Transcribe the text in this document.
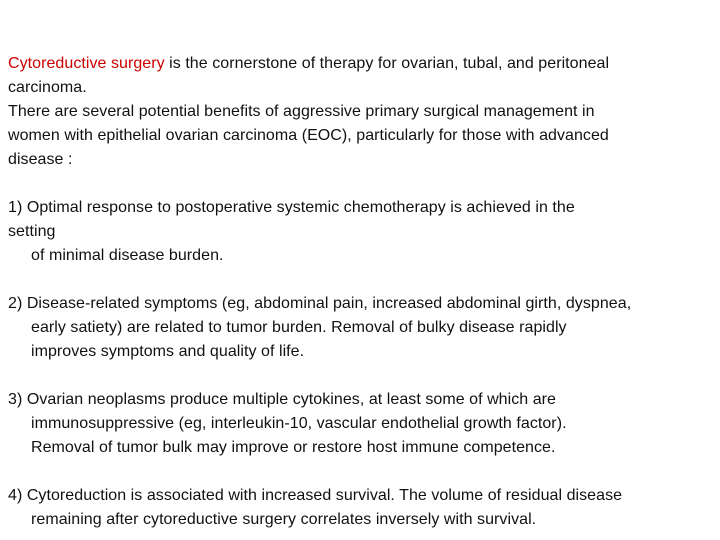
Cytoreductive surgery is the cornerstone of therapy for ovarian, tubal, and peritoneal

carcinoma.

There are several potential benefits of aggressive primary surgical management in

women with epithelial ovarian carcinoma (EOC), particularly for those with advanced

disease :

1) Optimal response to postoperative systemic chemotherapy is achieved in the
setting
of minimal disease burden.
2) Disease-related symptoms (eg, abdominal pain, increased abdominal girth, dyspnea,
early satiety) are related to tumor burden. Removal of bulky disease rapidly
improves symptoms and quality of life.
3) Ovarian neoplasms produce multiple cytokines, at least some of which are
immunosuppressive (eg, interleukin-10, vascular endothelial growth factor).
Removal of tumor bulk may improve or restore host immune competence.
4) Cytoreduction is associated with increased survival. The volume of residual disease
remaining after cytoreductive surgery correlates inversely with survival.
